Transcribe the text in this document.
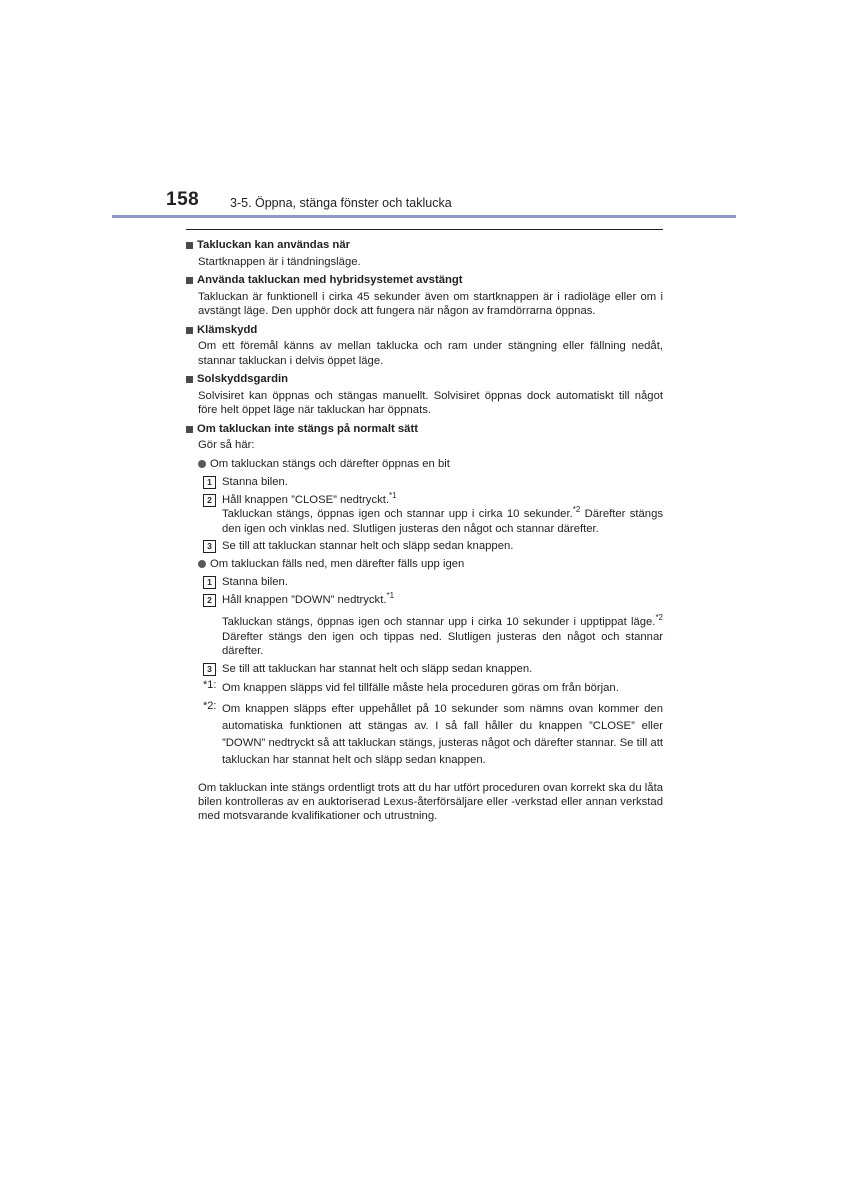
158 3-5. Öppna, stänga fönster och taklucka
Takluckan kan användas när
Startknappen är i tändningsläge.
Använda takluckan med hybridsystemet avstängt
Takluckan är funktionell i cirka 45 sekunder även om startknappen är i radioläge eller om i avstängt läge. Den upphör dock att fungera när någon av framdörrarna öppnas.
Klämskydd
Om ett föremål känns av mellan taklucka och ram under stängning eller fällning nedåt, stannar takluckan i delvis öppet läge.
Solskyddsgardin
Solvisiret kan öppnas och stängas manuellt. Solvisiret öppnas dock automatiskt till något före helt öppet läge när takluckan har öppnats.
Om takluckan inte stängs på normalt sätt
Gör så här:
Om takluckan stängs och därefter öppnas en bit
1 Stanna bilen.
2 Håll knappen ”CLOSE” nedtryckt.$^{*1}$
Takluckan stängs, öppnas igen och stannar upp i cirka 10 sekunder.$^{*2}$ Därefter stängs den igen och vinklas ned. Slutligen justeras den något och stannar därefter.
3 Se till att takluckan stannar helt och släpp sedan knappen.
Om takluckan fälls ned, men därefter fälls upp igen
1 Stanna bilen.
2 Håll knappen ”DOWN” nedtryckt.$^{*1}$
Takluckan stängs, öppnas igen och stannar upp i cirka 10 sekunder i upptippat läge.$^{*2}$ Därefter stängs den igen och tippas ned. Slutligen justeras den något och stannar därefter.
3 Se till att takluckan har stannat helt och släpp sedan knappen.
*1: Om knappen släpps vid fel tillfälle måste hela proceduren göras om från början.
*2: Om knappen släpps efter uppehållet på 10 sekunder som nämns ovan kommer den automatiska funktionen att stängas av. I så fall håller du knappen ”CLOSE” eller ”DOWN” nedtryckt så att takluckan stängs, justeras något och därefter stannar. Se till att takluckan har stannat helt och släpp sedan knappen.
Om takluckan inte stängs ordentligt trots att du har utfört proceduren ovan korrekt ska du låta bilen kontrolleras av en auktoriserad Lexus-återförsäljare eller -verkstad eller annan verkstad med motsvarande kvalifikationer och utrustning.
